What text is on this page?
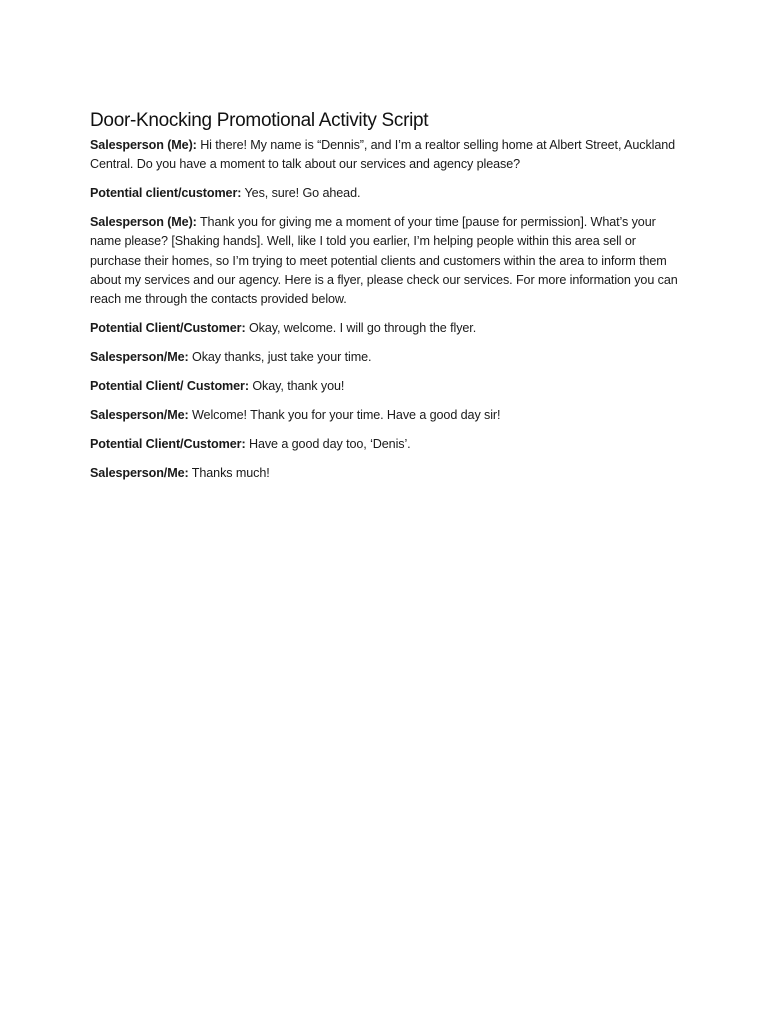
Door-Knocking Promotional Activity Script

Salesperson (Me): Hi there! My name is “Dennis”, and I’m a realtor selling home at Albert Street, Auckland Central. Do you have a moment to talk about our services and agency please?

Potential client/customer: Yes, sure! Go ahead.

Salesperson (Me): Thank you for giving me a moment of your time [pause for permission]. What’s your name please? [Shaking hands]. Well, like I told you earlier, I’m helping people within this area sell or purchase their homes, so I’m trying to meet potential clients and customers within the area to inform them about my services and our agency. Here is a flyer, please check our services. For more information you can reach me through the contacts provided below.

Potential Client/Customer: Okay, welcome. I will go through the flyer.

Salesperson/Me: Okay thanks, just take your time.

Potential Client/ Customer: Okay, thank you!

Salesperson/Me: Welcome! Thank you for your time. Have a good day sir!

Potential Client/Customer: Have a good day too, ‘Denis’.

Salesperson/Me: Thanks much!
